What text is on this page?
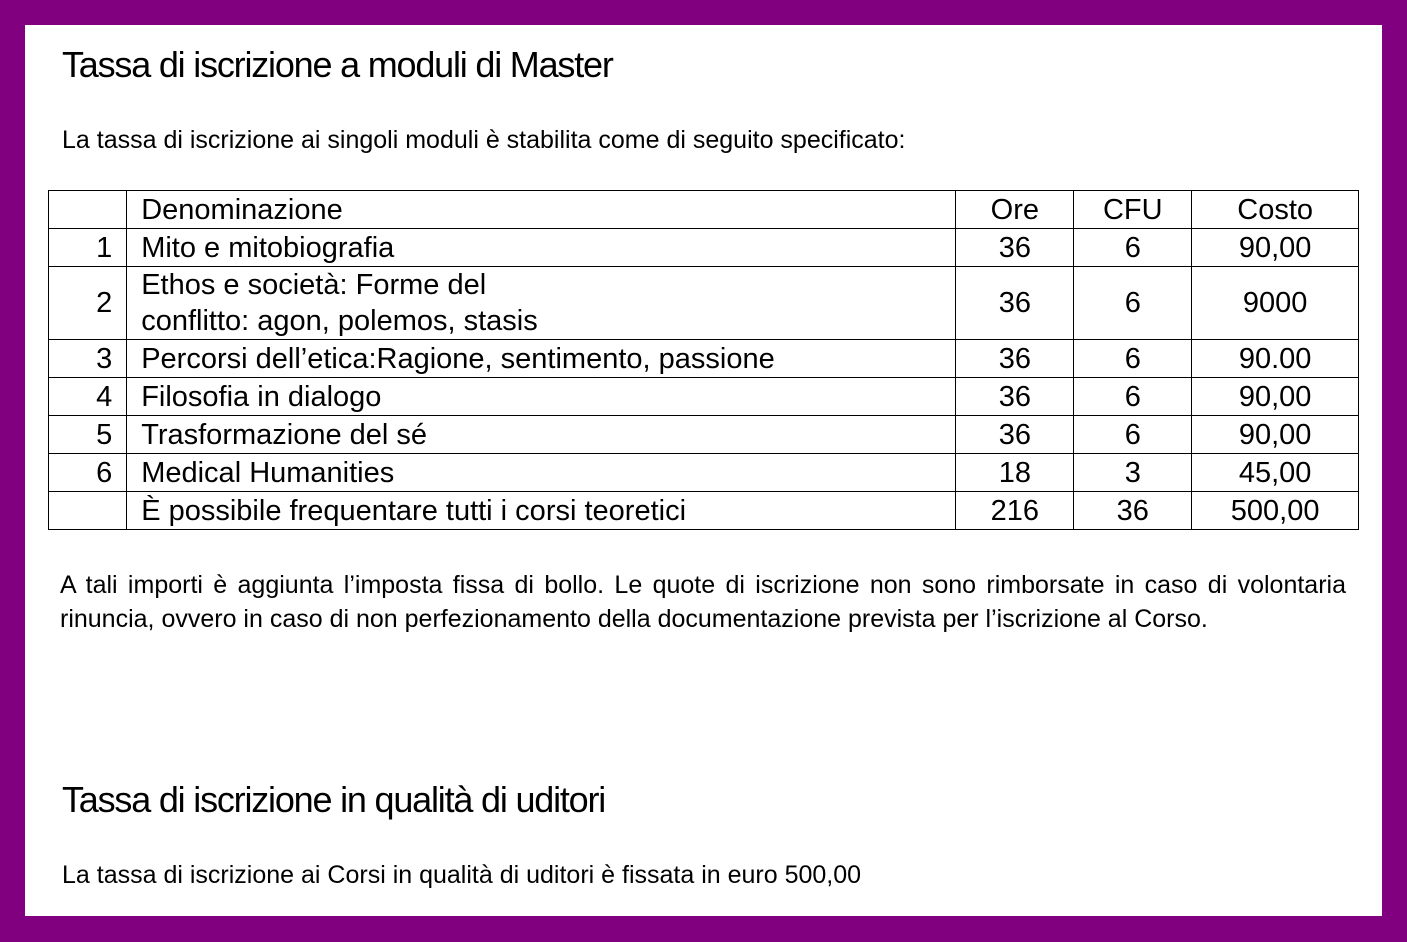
Tassa di iscrizione a moduli di Master
La tassa di iscrizione ai singoli moduli è stabilita come di seguito specificato:
	Denominazione	Ore	CFU	Costo
1	Mito e mitobiografia	36	6	90,00
2	Ethos e società: Forme del
conflitto: agon, polemos, stasis	36	6	9000
3	Percorsi dell’etica:Ragione, sentimento, passione	36	6	90.00
4	Filosofia in dialogo	36	6	90,00
5	Trasformazione del sé	36	6	90,00
6	Medical Humanities	18	3	45,00
	È possibile frequentare tutti i corsi teoretici	216	36	500,00
A tali importi è aggiunta l’imposta fissa di bollo. Le quote di iscrizione non sono rimborsate in caso di volontaria rinuncia, ovvero in caso di non perfezionamento della documentazione prevista per l’iscrizione al Corso.
Tassa di iscrizione in qualità di uditori
La tassa di iscrizione ai Corsi in qualità di uditori è fissata in euro 500,00
